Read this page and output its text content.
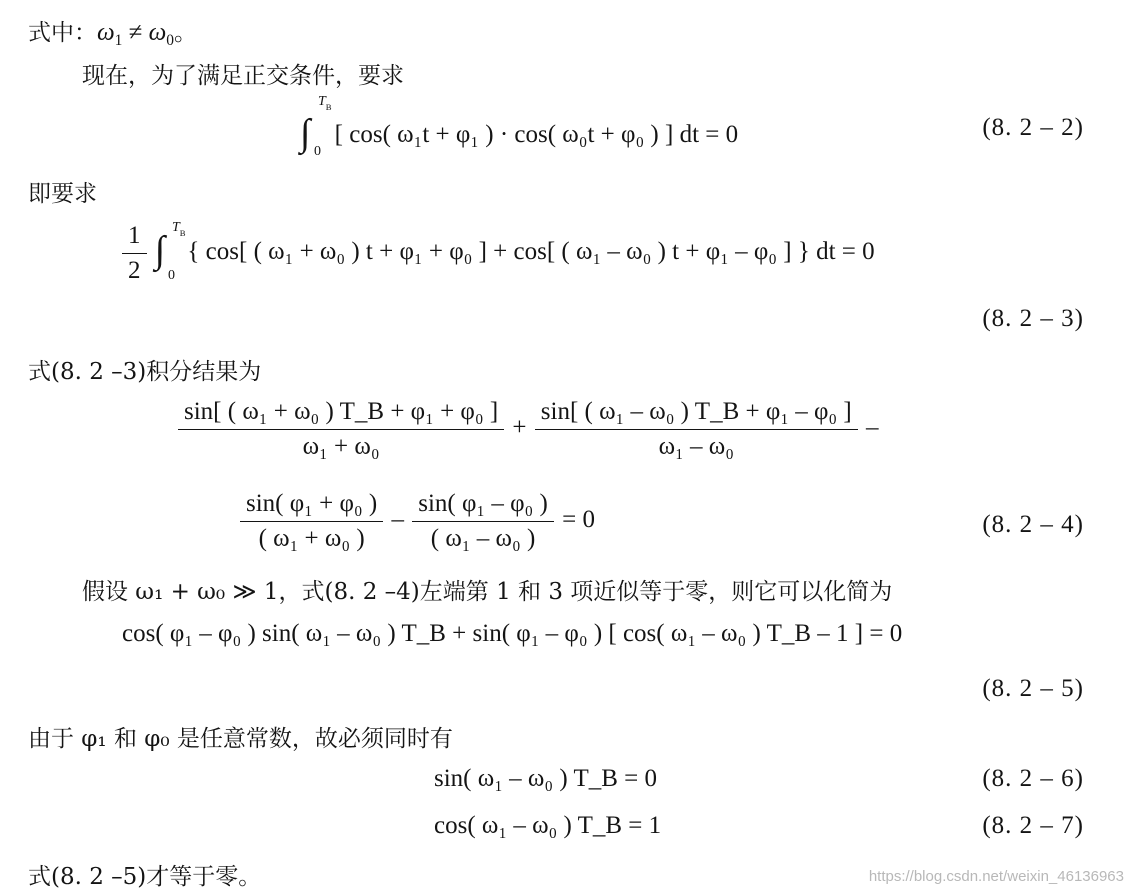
式中：$\omega_1 \ne \omega_0$。
现在，为了满足正交条件，要求
∫
$T_B$
0
[ cos( ω₁t + φ₁ ) · cos( ω₀t + φ₀ ) ] dt = 0	(8. 2 – 2)
即要求
$\frac{1}{2}$ ∫
$T_B$
0
{ cos[ ( ω₁ + ω₀ ) t + φ₁ + φ₀ ] + cos[ ( ω₁ – ω₀ ) t + φ₁ – φ₀ ] } dt = 0
(8. 2 – 3)
式(8. 2 –3)积分结果为
$\frac{\text{sin[ ( ω₁ + ω₀ ) T\_B + φ₁ + φ₀ ]}}{\text{ω₁ + ω₀}} + \frac{\text{sin[ ( ω₁ – ω₀ ) T\_B + φ₁ – φ₀ ]}}{\text{ω₁ – ω₀}}$ –
$\frac{\text{sin( φ₁ + φ₀ )}}{\text{( ω₁ + ω₀ )}} - \frac{\text{sin( φ₁ – φ₀ )}}{\text{( ω₁ – ω₀ )}} = 0$	(8. 2 – 4)
假设 ω₁ + ω₀ ≫ 1，式(8. 2 –4)左端第 1 和 3 项近似等于零，则它可以化简为
cos( φ₁ – φ₀ ) sin( ω₁ – ω₀ ) T_B + sin( φ₁ – φ₀ ) [ cos( ω₁ – ω₀ ) T_B – 1 ] = 0
(8. 2 – 5)
由于 φ₁ 和 φ₀ 是任意常数，故必须同时有
sin( ω₁ – ω₀ ) T_B = 0	(8. 2 – 6)
cos( ω₁ – ω₀ ) T_B = 1	(8. 2 – 7)
式(8. 2 –5)才等于零。	https://blog.csdn.net/weixin_46136963
